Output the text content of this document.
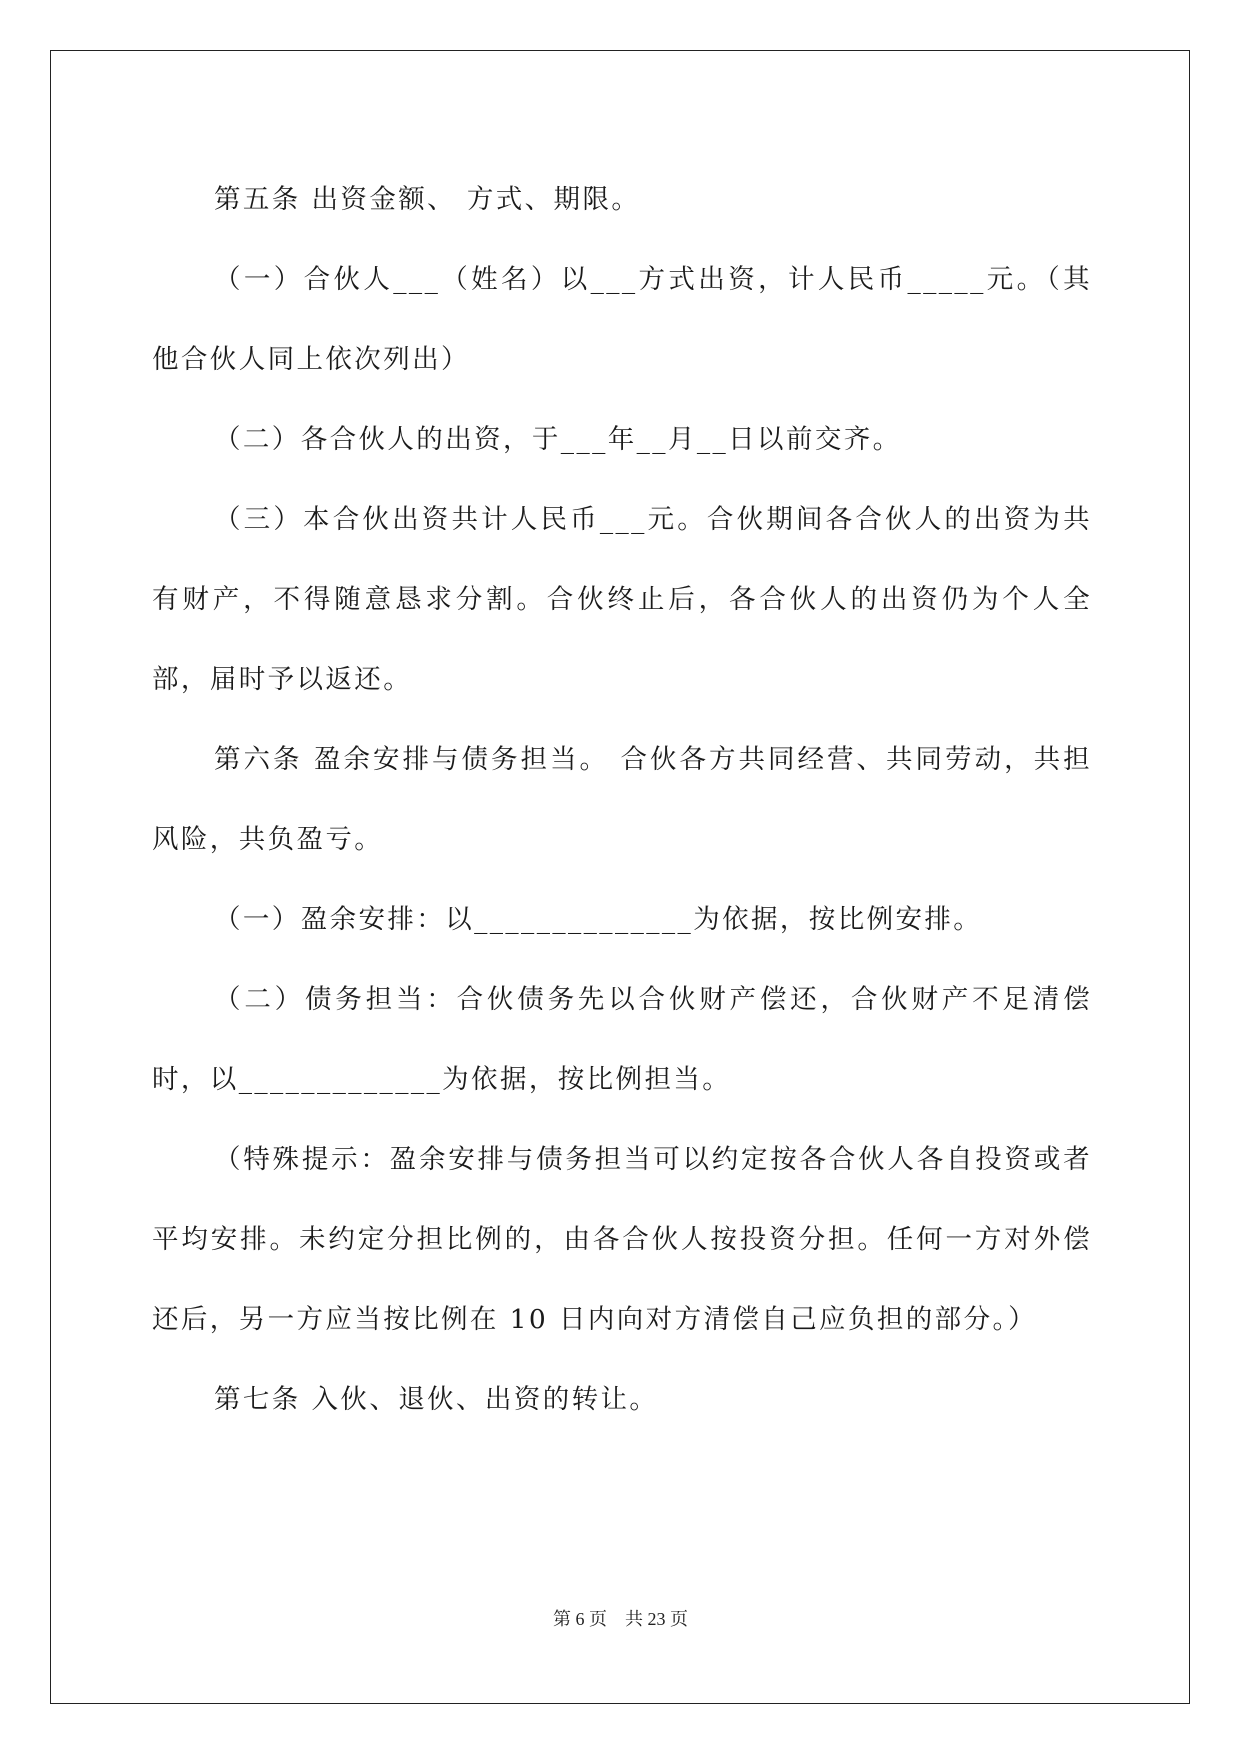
第五条 出资金额、 方式、期限。

（一）合伙人___（姓名）以___方式出资，计人民币_____元。（其他合伙人同上依次列出）

（二）各合伙人的出资，于___年__月__日以前交齐。

（三）本合伙出资共计人民币___元。合伙期间各合伙人的出资为共有财产，不得随意恳求分割。合伙终止后，各合伙人的出资仍为个人全部，届时予以返还。

第六条 盈余安排与债务担当。 合伙各方共同经营、共同劳动，共担风险，共负盈亏。

（一）盈余安排：以______________为依据，按比例安排。

（二）债务担当：合伙债务先以合伙财产偿还，合伙财产不足清偿时，以_____________为依据，按比例担当。

（特殊提示：盈余安排与债务担当可以约定按各合伙人各自投资或者平均安排。未约定分担比例的，由各合伙人按投资分担。任何一方对外偿还后，另一方应当按比例在 10 日内向对方清偿自己应负担的部分。）

第七条 入伙、退伙、出资的转让。

第 6 页 共 23 页
